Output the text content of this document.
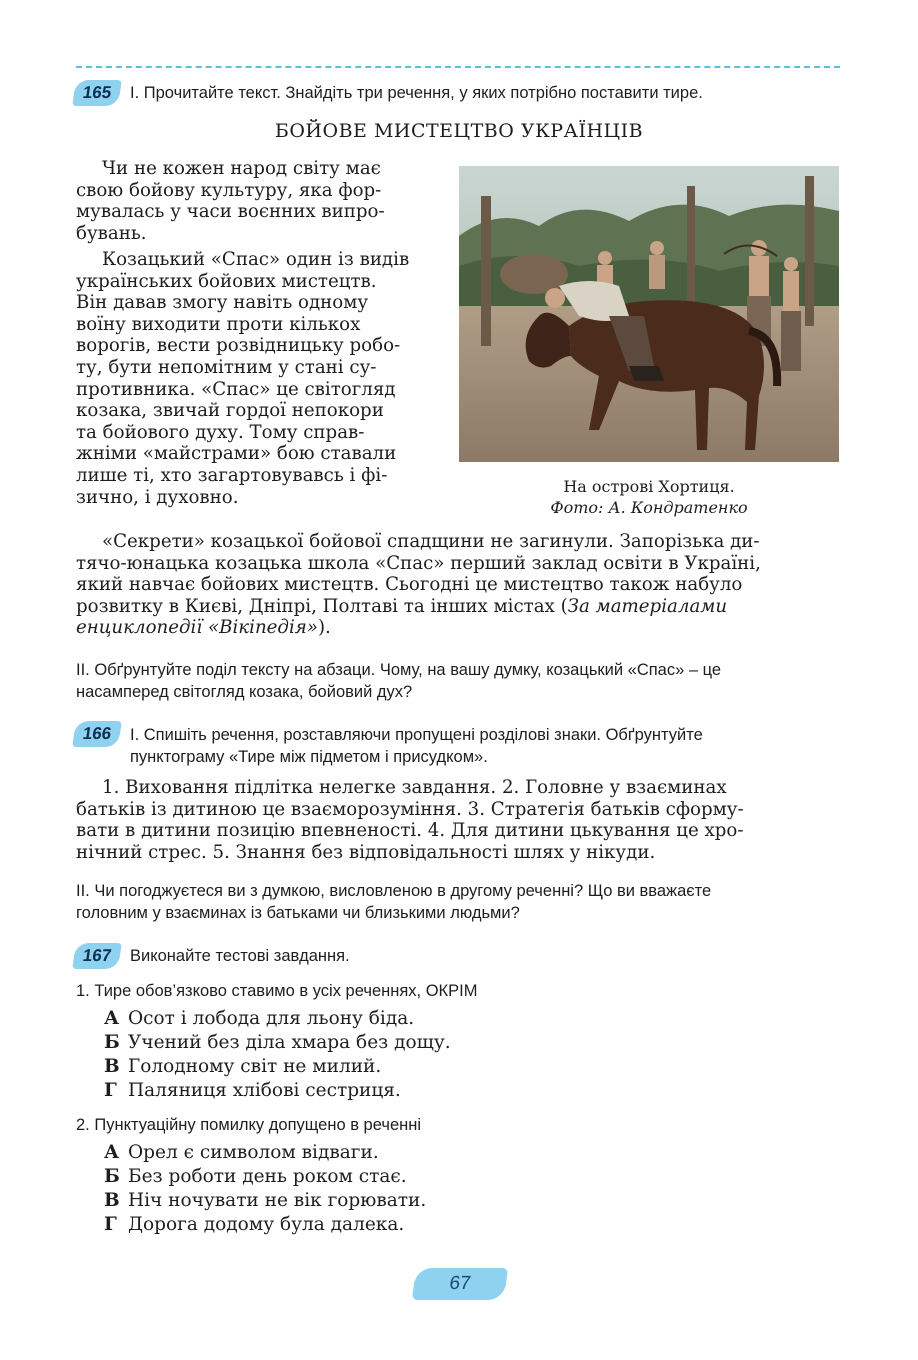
165 І. Прочитайте текст. Знайдіть три речення, у яких потрібно поставити тире.
БОЙОВЕ МИСТЕЦТВО УКРАЇНЦІВ
Чи не кожен народ світу має
свою бойову культуру, яка фор-
мувалась у часи воєнних випро-
бувань.
Козацький «Спас» один із видів
українських бойових мистецтв.
Він давав змогу навіть одному
воїну виходити проти кількох
ворогів, вести розвідницьку робо-
ту, бути непомітним у стані су-
противника. «Спас» це світогляд
козака, звичай гордої непокори
та бойового духу. Тому справ-
жніми «майстрами» бою ставали
лише ті, хто загартовувавсь і фі-
зично, і духовно.
На острові Хортиця.
Фото: А. Кондратенко
«Секрети» козацької бойової спадщини не загинули. Запорізька ди-
тячо-юнацька козацька школа «Спас» перший заклад освіти в Україні,
який навчає бойових мистецтв. Сьогодні це мистецтво також набуло
розвитку в Києві, Дніпрі, Полтаві та інших містах (За матеріалами
енциклопедії «Вікіпедія»).
ІІ. Обґрунтуйте поділ тексту на абзаци. Чому, на вашу думку, козацький «Спас» – це
насамперед світогляд козака, бойовий дух?
166 І. Спишіть речення, розставляючи пропущені розділові знаки. Обґрунтуйте
пунктограму «Тире між підметом і присудком».
1. Виховання підлітка нелегке завдання. 2. Головне у взаєминах
батьків із дитиною це взаєморозуміння. 3. Стратегія батьків сформу-
вати в дитини позицію впевненості. 4. Для дитини цькування це хро-
нічний стрес. 5. Знання без відповідальності шлях у нікуди.
ІІ. Чи погоджуєтеся ви з думкою, висловленою в другому реченні? Що ви вважаєте
головним у взаєминах із батьками чи близькими людьми?
167 Виконайте тестові завдання.
1. Тире обов’язково ставимо в усіх реченнях, ОКРІМ
А Осот і лобода для льону біда.
Б Учений без діла хмара без дощу.
В Голодному світ не милий.
Г Паляниця хлібові сестриця.
2. Пунктуаційну помилку допущено в реченні
А Орел є символом відваги.
Б Без роботи день роком стає.
В Ніч ночувати не вік горювати.
Г Дорога додому була далека.
67
